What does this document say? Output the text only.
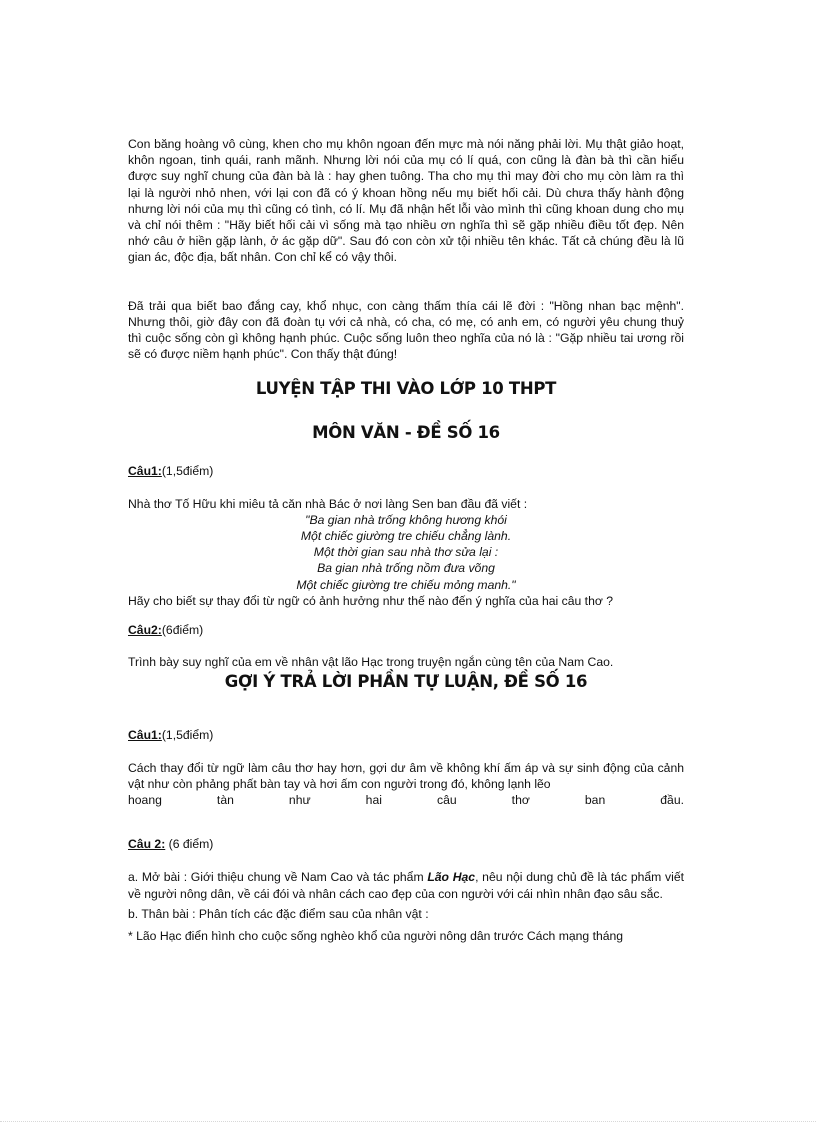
Con băng hoàng vô cùng, khen cho mụ khôn ngoan đến mực mà nói năng phải lời. Mụ thật giảo hoạt, khôn ngoan, tinh quái, ranh mãnh. Nhưng lời nói của mụ có lí quá, con cũng là đàn bà thì cần hiểu được suy nghĩ chung của đàn bà là : hay ghen tuông. Tha cho mụ thì may đời cho mụ còn làm ra thì lại là người nhỏ nhen, với lại con đã có ý khoan hồng nếu mụ biết hối cải. Dù chưa thấy hành động nhưng lời nói của mụ thì cũng có tình, có lí. Mụ đã nhận hết lỗi vào mình thì cũng khoan dung cho mụ và chỉ nói thêm : "Hãy biết hối cải vì sống mà tạo nhiều ơn nghĩa thì sẽ gặp nhiều điều tốt đẹp. Nên nhớ câu ở hiền gặp lành, ở ác gặp dữ". Sau đó con còn xử tội nhiều tên khác. Tất cả chúng đều là lũ gian ác, độc địa, bất nhân. Con chỉ kể có vậy thôi.

Đã trải qua biết bao đắng cay, khổ nhục, con càng thấm thía cái lẽ đời : "Hồng nhan bạc mệnh". Nhưng thôi, giờ đây con đã đoàn tụ với cả nhà, có cha, có mẹ, có anh em, có người yêu chung thuỷ thì cuộc sống còn gì không hạnh phúc. Cuộc sống luôn theo nghĩa của nó là : "Gặp nhiều tai ương rồi sẽ có được niềm hạnh phúc". Con thấy thật đúng!

LUYỆN TẬP THI VÀO LỚP 10 THPT

MÔN VĂN - ĐỀ SỐ 16

Câu1:(1,5điểm)

Nhà thơ Tố Hữu khi miêu tả căn nhà Bác ở nơi làng Sen ban đầu đã viết :

"Ba gian nhà trống không hương khói

Một chiếc giường tre chiếu chẳng lành.

Một thời gian sau nhà thơ sửa lại :

Ba gian nhà trống nồm đưa võng

Một chiếc giường tre chiếu mỏng manh."

Hãy cho biết sự thay đổi từ ngữ có ảnh hưởng như thế nào đến ý nghĩa của hai câu thơ ?

Câu2:(6điểm)

Trình bày suy nghĩ của em về nhân vật lão Hạc trong truyện ngắn cùng tên của Nam Cao.

GỢI Ý TRẢ LỜI PHẦN TỰ LUẬN, ĐỀ SỐ 16

Câu1:(1,5điểm)

Cách thay đổi từ ngữ làm câu thơ hay hơn, gợi dư âm về không khí ấm áp và sự sinh động của cảnh vật như còn phảng phất bàn tay và hơi ấm con người trong đó, không lạnh lẽo

hoang tàn như hai câu thơ ban đầu.

Câu 2: (6 điểm)

a. Mở bài : Giới thiệu chung về Nam Cao và tác phẩm Lão Hạc, nêu nội dung chủ đề là tác phẩm viết về người nông dân, về cái đói và nhân cách cao đẹp của con người với cái nhìn nhân đạo sâu sắc.

b. Thân bài : Phân tích các đặc điểm sau của nhân vật :

* Lão Hạc điển hình cho cuộc sống nghèo khổ của người nông dân trước Cách mạng tháng
